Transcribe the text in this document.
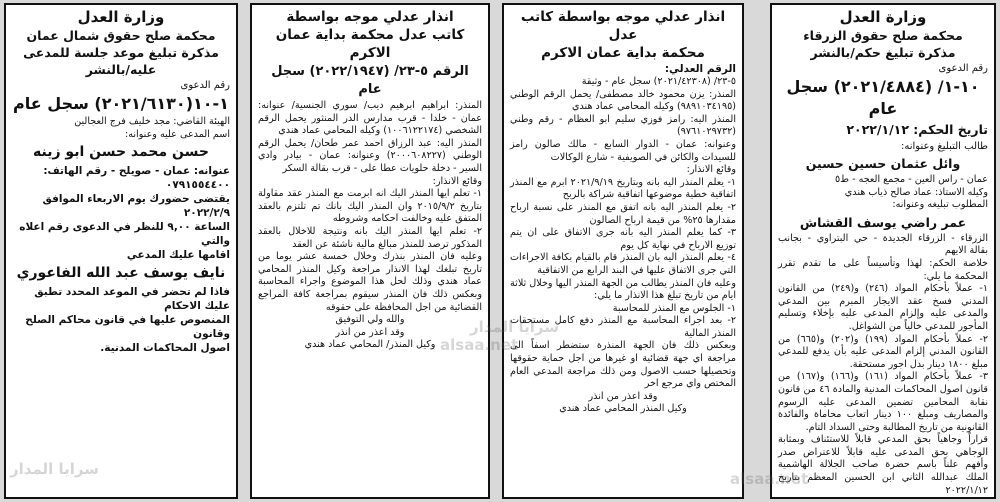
وزارة العدل

محكمة صلح حقوق الزرقاء

مذكرة تبليغ حكم/بالنشر

رقم الدعوى

١٠-١/ (٢٠٢١/٤٨٨٤) سجل عام

تاريخ الحكم: ٢٠٢٢/١/١٢

طالب التبليغ وعنوانه:

وائل عثمان حسين حسين

عمان - راس العين - مجمع العجه - ط٥

وكيله الاستاذ: عماد صالح ذياب هندي

المطلوب تبليغه وعنوانه:

عمر راضي يوسف القشاش

الزرقاء - الزرقاء الجديدة - حي البتراوي - بجانب بقالة الايهم

خلاصة الحكم: لهذا وتأسيساً على ما تقدم تقرر المحكمة ما يلي:

١- عملاً بأحكام المواد (٢٤٦) و(٢٤٩) من القانون المدني فسخ عقد الايجار المبرم بين المدعي والمدعى عليه وإلزام المدعى عليه بإخلاء وتسليم المأجور للمدعي خالياً من الشواغل.

٢- عملاً بأحكام المواد (١٩٩) و(٢٠٢) و(٦٦٥) من القانون المدني إلزام المدعى عليه بأن يدفع للمدعي مبلغ ١٨٠٠ دينار بدل اجور مستحقة.

٣- عملاً بأحكام المواد (١٦١) و(١٦٦) و(١٦٧) من قانون اصول المحاكمات المدنية والمادة ٤٦ من قانون نقابة المحامين تضمين المدعى عليه الرسوم والمصاريف ومبلغ ١٠٠ دينار اتعاب محاماة والفائدة القانونية من تاريخ المطالبة وحتى السداد التام.

قراراً وجاهياً بحق المدعي قابلاً للاستئناف وبمثابة الوجاهي بحق المدعى عليه قابلاً للاعتراض صدر وأفهم علناً باسم حضرة صاحب الجلالة الهاشمية الملك عبدالله الثاني ابن الحسين المعظم بتاريخ ٢٠٢٢/١/١٢

انذار عدلي موجه بواسطة كاتب عدل

محكمة بداية عمان الاكرم

الرقم العدلي:

٥-٢٣/ (٢٠٢١/٤٢٣٠٨) سجل عام - وثيقة

المنذر: يزن محمود خالد مصطفى/ يحمل الرقم الوطني (٩٨٩١٠٣٤١٩٥) وكيله المحامي عماد هندي

المنذر اليه: رامز فوزي سليم ابو العظام - رقم وطني (٩٧٦١٠٢٩٧٣٢)

وعنوانه: عمان - الدوار السابع - مالك صالون رامز للسيدات والكائن في الصويفية - شارع الوكالات

وقائع الانذار:

١- يعلم المنذر اليه بانه وبتاريخ ٢٠٢١/٩/١٩ ابرم مع المنذر اتفاقية خطية موضوعها اتفاقية شراكة بالربح

٢- يعلم المنذر اليه بانه اتفق مع المنذر على نسبة ارباح مقدارها ٢٥% من قيمة ارباح الصالون

٣- كما يعلم المنذر اليه بانه جرى الاتفاق على ان يتم توزيع الارباح في نهاية كل يوم

٤- يعلم المنذر اليه بان المنذر قام بالقيام بكافة الاجراءات التي جرى الاتفاق عليها في البند الرابع من الاتفاقية

وعليه فان المنذر يطالب من الجهة المنذر اليها وخلال ثلاثة ايام من تاريخ تبلغ هذا الانذار ما يلي:

١- الجلوس مع المنذر للمحاسبة

٢- بعد اجراء المحاسبة مع المنذر دفع كامل مستحقات المنذر المالية

وبعكس ذلك فان الجهة المنذرة ستضطر اسفاً الى مراجعة اي جهة قضائية او غيرها من اجل حماية حقوقها وتحصيلها حسب الاصول ومن ذلك مراجعة المدعي العام المختص واي مرجع اخر

وقد اعذر من انذر

وكيل المنذر المحامي عماد هندي

انذار عدلي موجه بواسطة

كاتب عدل محكمة بداية عمان الاكرم

الرقم ٥-٢٣/ (٢٠٢٢/١٩٤٧) سجل عام

المنذر: ابراهيم ابرهيم ديب/ سوري الجنسية/ عنوانه: عمان - خلدا - قرب مدارس الدر المنثور يحمل الرقم الشخصي (١٠٠٦١٢٢١٧٤) وكيله المحامي عماد هندي

المنذر اليه: عبد الرزاق احمد عمر طحان/ يحمل الرقم الوطني (٢٠٠٠٦٠٨٢٢٧) وعنوانه: عمان - بيادر وادي السير - دخلة حلويات عطا على - قرب بقالة السكر

وقائع الانذار:

١- تعلم ايها المنذر اليك انه ابرمت مع المنذر عقد مقاولة بتاريخ ٢٠١٥/٩/٢ وان المنذر اليك بانك تم تلتزم بالعقد المتفق عليه وخالفت احكامه وشروطه

٢- تعلم ايها المنذر اليك بانه ونتيجة للاخلال بالعقد المذكور ترصد للمنذر مبالغ مالية ناشئة عن العقد

وعليه فان المنذر بنذرك وخلال خمسة عشر يوما من تاريخ تبلغك لهذا الانذار مراجعة وكيل المنذر المحامي عماد هندي وذلك لحل هذا الموضوع واجراء المحاسبة وبعكس ذلك فان المنذر سيقوم بمراجعة كافة المراجع القضائية من اجل المحافظة على حقوقه

والله ولي التوفيق

وقد اعذر من انذر

وكيل المنذر/ المحامي عماد هندي

وزارة العدل

محكمة صلح حقوق شمال عمان

مذكرة تبليغ موعد جلسة للمدعى

عليه/بالنشر

رقم الدعوى

١-١٠(٢٠٢١/٦١٣٠) سجل عام

الهيئة القاضي: مجد خليف فرج العجالين

اسم المدعى عليه وعنوانه:

حسن محمد حسن ابو زينه

عنوانه: عمان - صويلح - رقم الهاتف:

٠٧٩١٥٥٤٤٠٠

يقتضى حضورك يوم الاربعاء الموافق ٢٠٢٢/٢/٩

الساعة ٩,٠٠ للنظر في الدعوى رقم اعلاه والتي

اقامها عليك المدعي

نايف يوسف عبد الله الفاعوري

فاذا لم تحضر في الموعد المحدد تطبق عليك الاحكام

المنصوص عليها في قانون محاكم الصلح وقانون

اصول المحاكمات المدنية.

سرايا المدار
alsaa.net
alsaa.net
سرايا المدار
